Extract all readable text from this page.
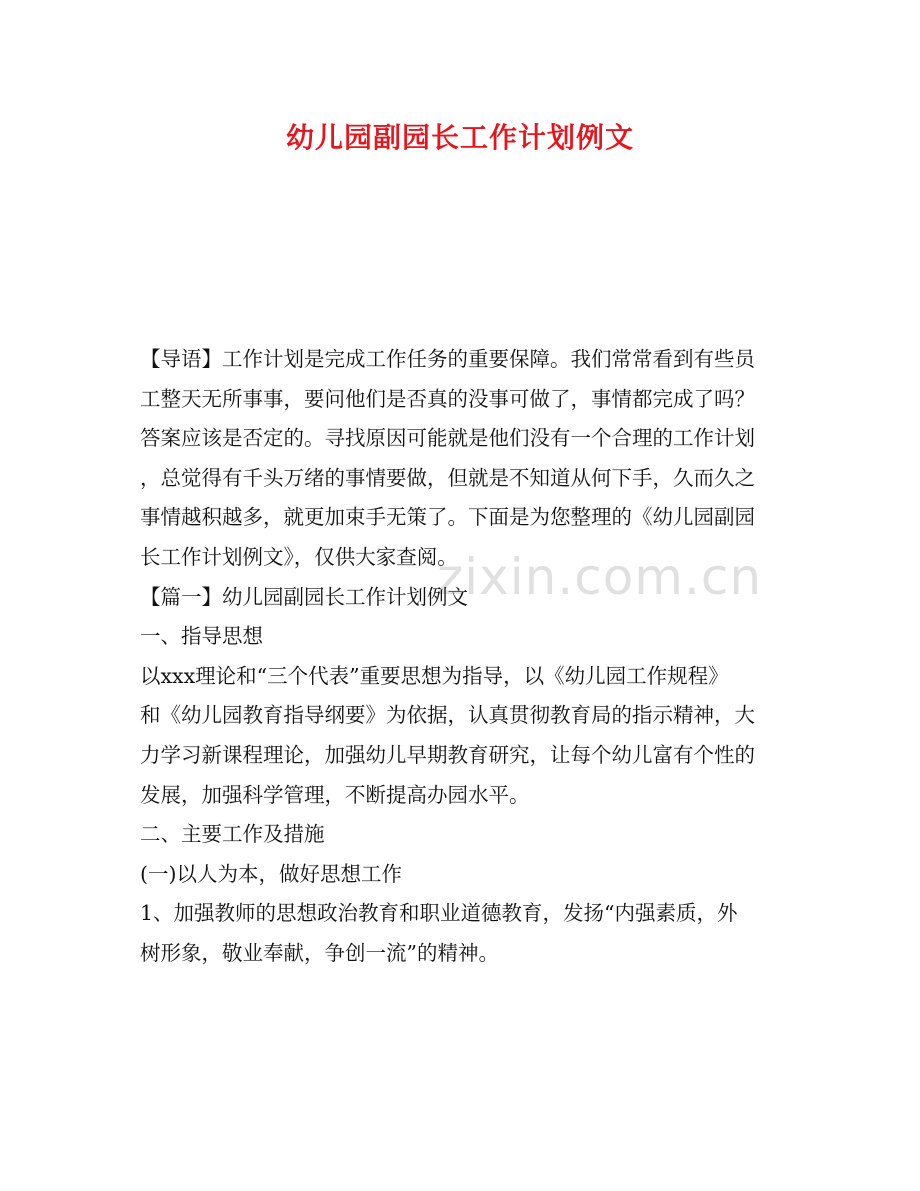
幼儿园副园长工作计划例文

【导语】工作计划是完成工作任务的重要保障。我们常常看到有些员
工整天无所事事，要问他们是否真的没事可做了，事情都完成了吗？
答案应该是否定的。寻找原因可能就是他们没有一个合理的工作计划
，总觉得有千头万绪的事情要做，但就是不知道从何下手，久而久之
事情越积越多，就更加束手无策了。下面是为您整理的《幼儿园副园
长工作计划例文》，仅供大家查阅。

【篇一】幼儿园副园长工作计划例文

一、指导思想

以xxx理论和“三个代表”重要思想为指导，以《幼儿园工作规程》
和《幼儿园教育指导纲要》为依据，认真贯彻教育局的指示精神，大
力学习新课程理论，加强幼儿早期教育研究，让每个幼儿富有个性的
发展，加强科学管理，不断提高办园水平。

二、主要工作及措施

(一)以人为本，做好思想工作

1、加强教师的思想政治教育和职业道德教育，发扬“内强素质，外
树形象，敬业奉献，争创一流”的精神。

zixin.com.cn
